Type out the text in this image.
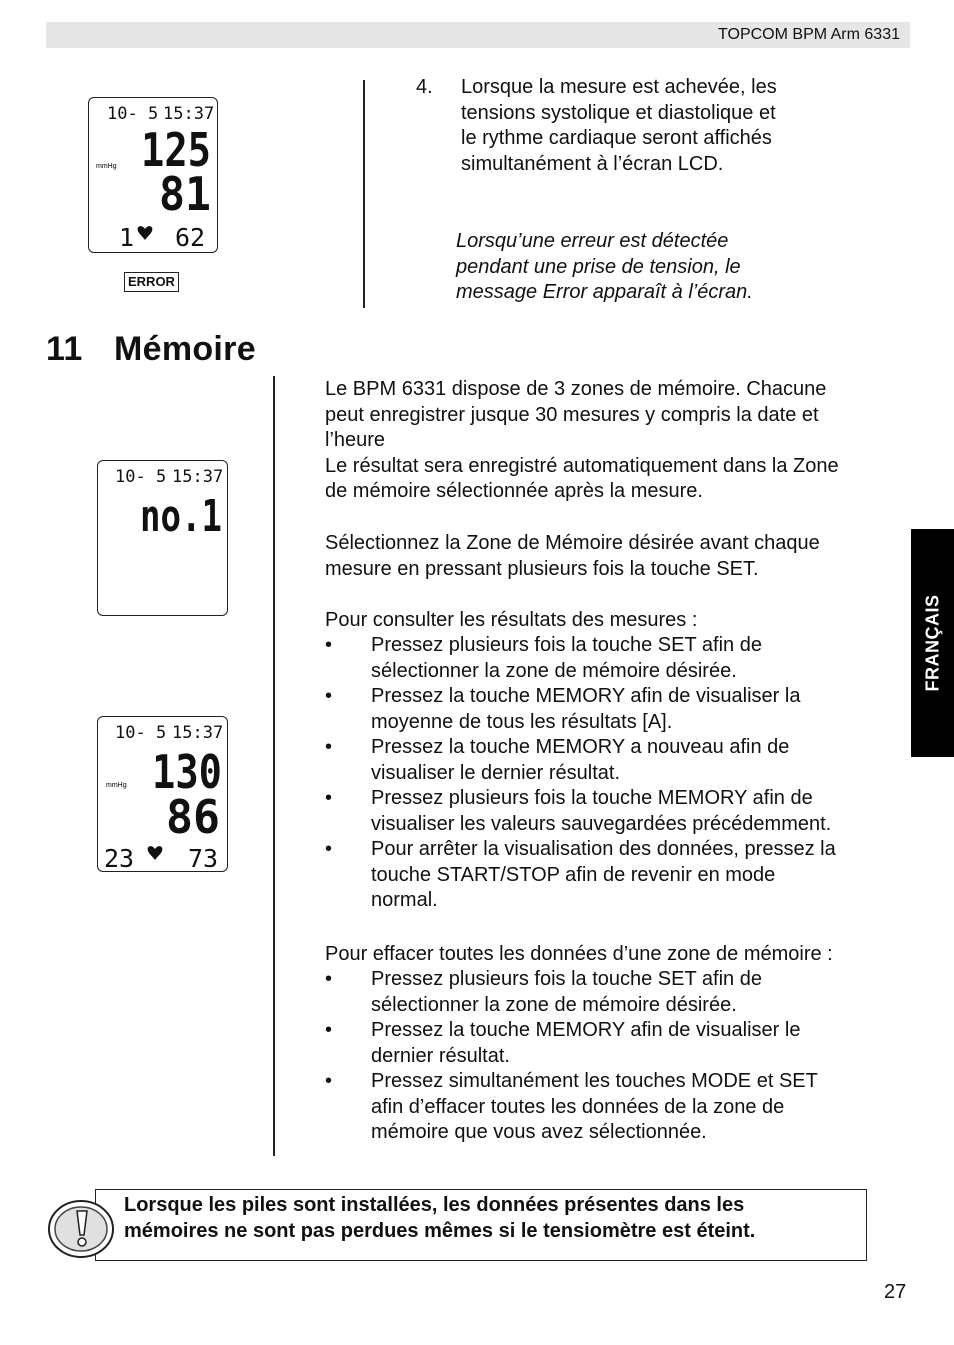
TOPCOM BPM Arm 6331
10- 5 15:37
125
mmHg
81
1 62
ERROR
4.	Lorsque la mesure est achevée, les
tensions systolique et diastolique et
le rythme cardiaque seront affichés
simultanément à l’écran LCD.
Lorsqu’une erreur est détectée
pendant une prise de tension, le
message Error apparaît à l’écran.
11 Mémoire
10- 5 15:37
no.1
10- 5 15:37
130
mmHg
86
23 73
Le BPM 6331 dispose de 3 zones de mémoire. Chacune
peut enregistrer jusque 30 mesures y compris la date et
l’heure
Le résultat sera enregistré automatiquement dans la Zone
de mémoire sélectionnée après la mesure.
Sélectionnez la Zone de Mémoire désirée avant chaque
mesure en pressant plusieurs fois la touche SET.
Pour consulter les résultats des mesures :
• Pressez plusieurs fois la touche SET afin de
sélectionner la zone de mémoire désirée.
• Pressez la touche MEMORY afin de visualiser la
moyenne de tous les résultats [A].
• Pressez la touche MEMORY a nouveau afin de
visualiser le dernier résultat.
• Pressez plusieurs fois la touche MEMORY afin de
visualiser les valeurs sauvegardées précédemment.
• Pour arrêter la visualisation des données, pressez la
touche START/STOP afin de revenir en mode
normal.
Pour effacer toutes les données d’une zone de mémoire :
• Pressez plusieurs fois la touche SET afin de
sélectionner la zone de mémoire désirée.
• Pressez la touche MEMORY afin de visualiser le
dernier résultat.
• Pressez simultanément les touches MODE et SET
afin d’effacer toutes les données de la zone de
mémoire que vous avez sélectionnée.
FRANÇAIS
Lorsque les piles sont installées, les données présentes dans les
mémoires ne sont pas perdues mêmes si le tensiomètre est éteint.
27
